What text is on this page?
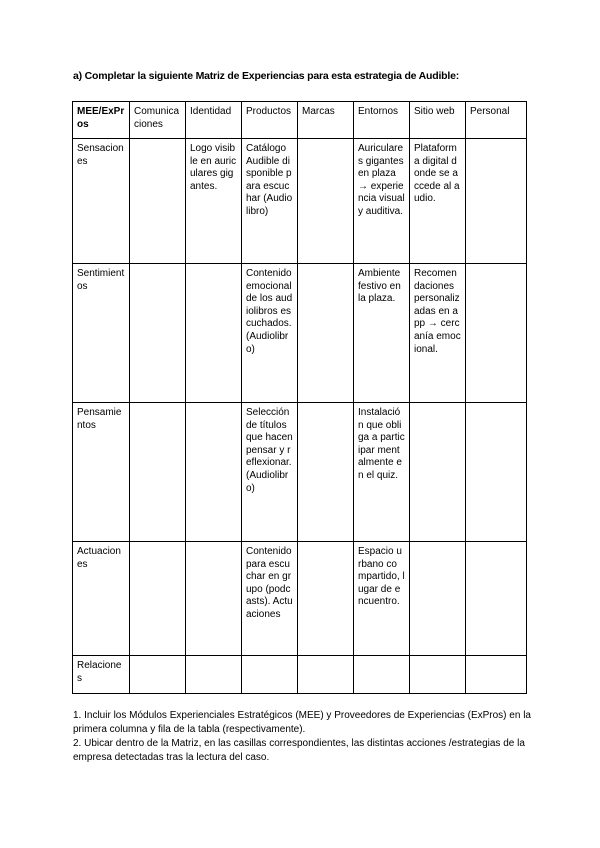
a) Completar la siguiente Matriz de Experiencias para esta estrategia de Audible:
MEE/ExPros	Comunicaciones	Identidad	Productos	Marcas	Entornos	Sitio web	Personal
Sensaciones		Logo visible en auriculares gigantes.	Catálogo Audible disponible para escuchar (Audiolibro)		Auriculares gigantes en plaza → experiencia visual y auditiva.	Plataforma digital donde se accede al audio.	
Sentimientos			Contenido emocional de los audiolibros escuchados. (Audiolibro)		Ambiente festivo en la plaza.	Recomendaciones personalizadas en app → cercanía emocional.	
Pensamientos			Selección de títulos que hacen pensar y reflexionar. (Audiolibro)		Instalación que obliga a participar mentalmente en el quiz.		
Actuaciones			Contenido para escuchar en grupo (podcasts). Actuaciones		Espacio urbano compartido, lugar de encuentro.		
Relaciones							

1. Incluir los Módulos Experienciales Estratégicos (MEE) y Proveedores de Experiencias (ExPros) en la primera columna y fila de la tabla (respectivamente).

2. Ubicar dentro de la Matriz, en las casillas correspondientes, las distintas acciones /estrategias de la empresa detectadas tras la lectura del caso.
